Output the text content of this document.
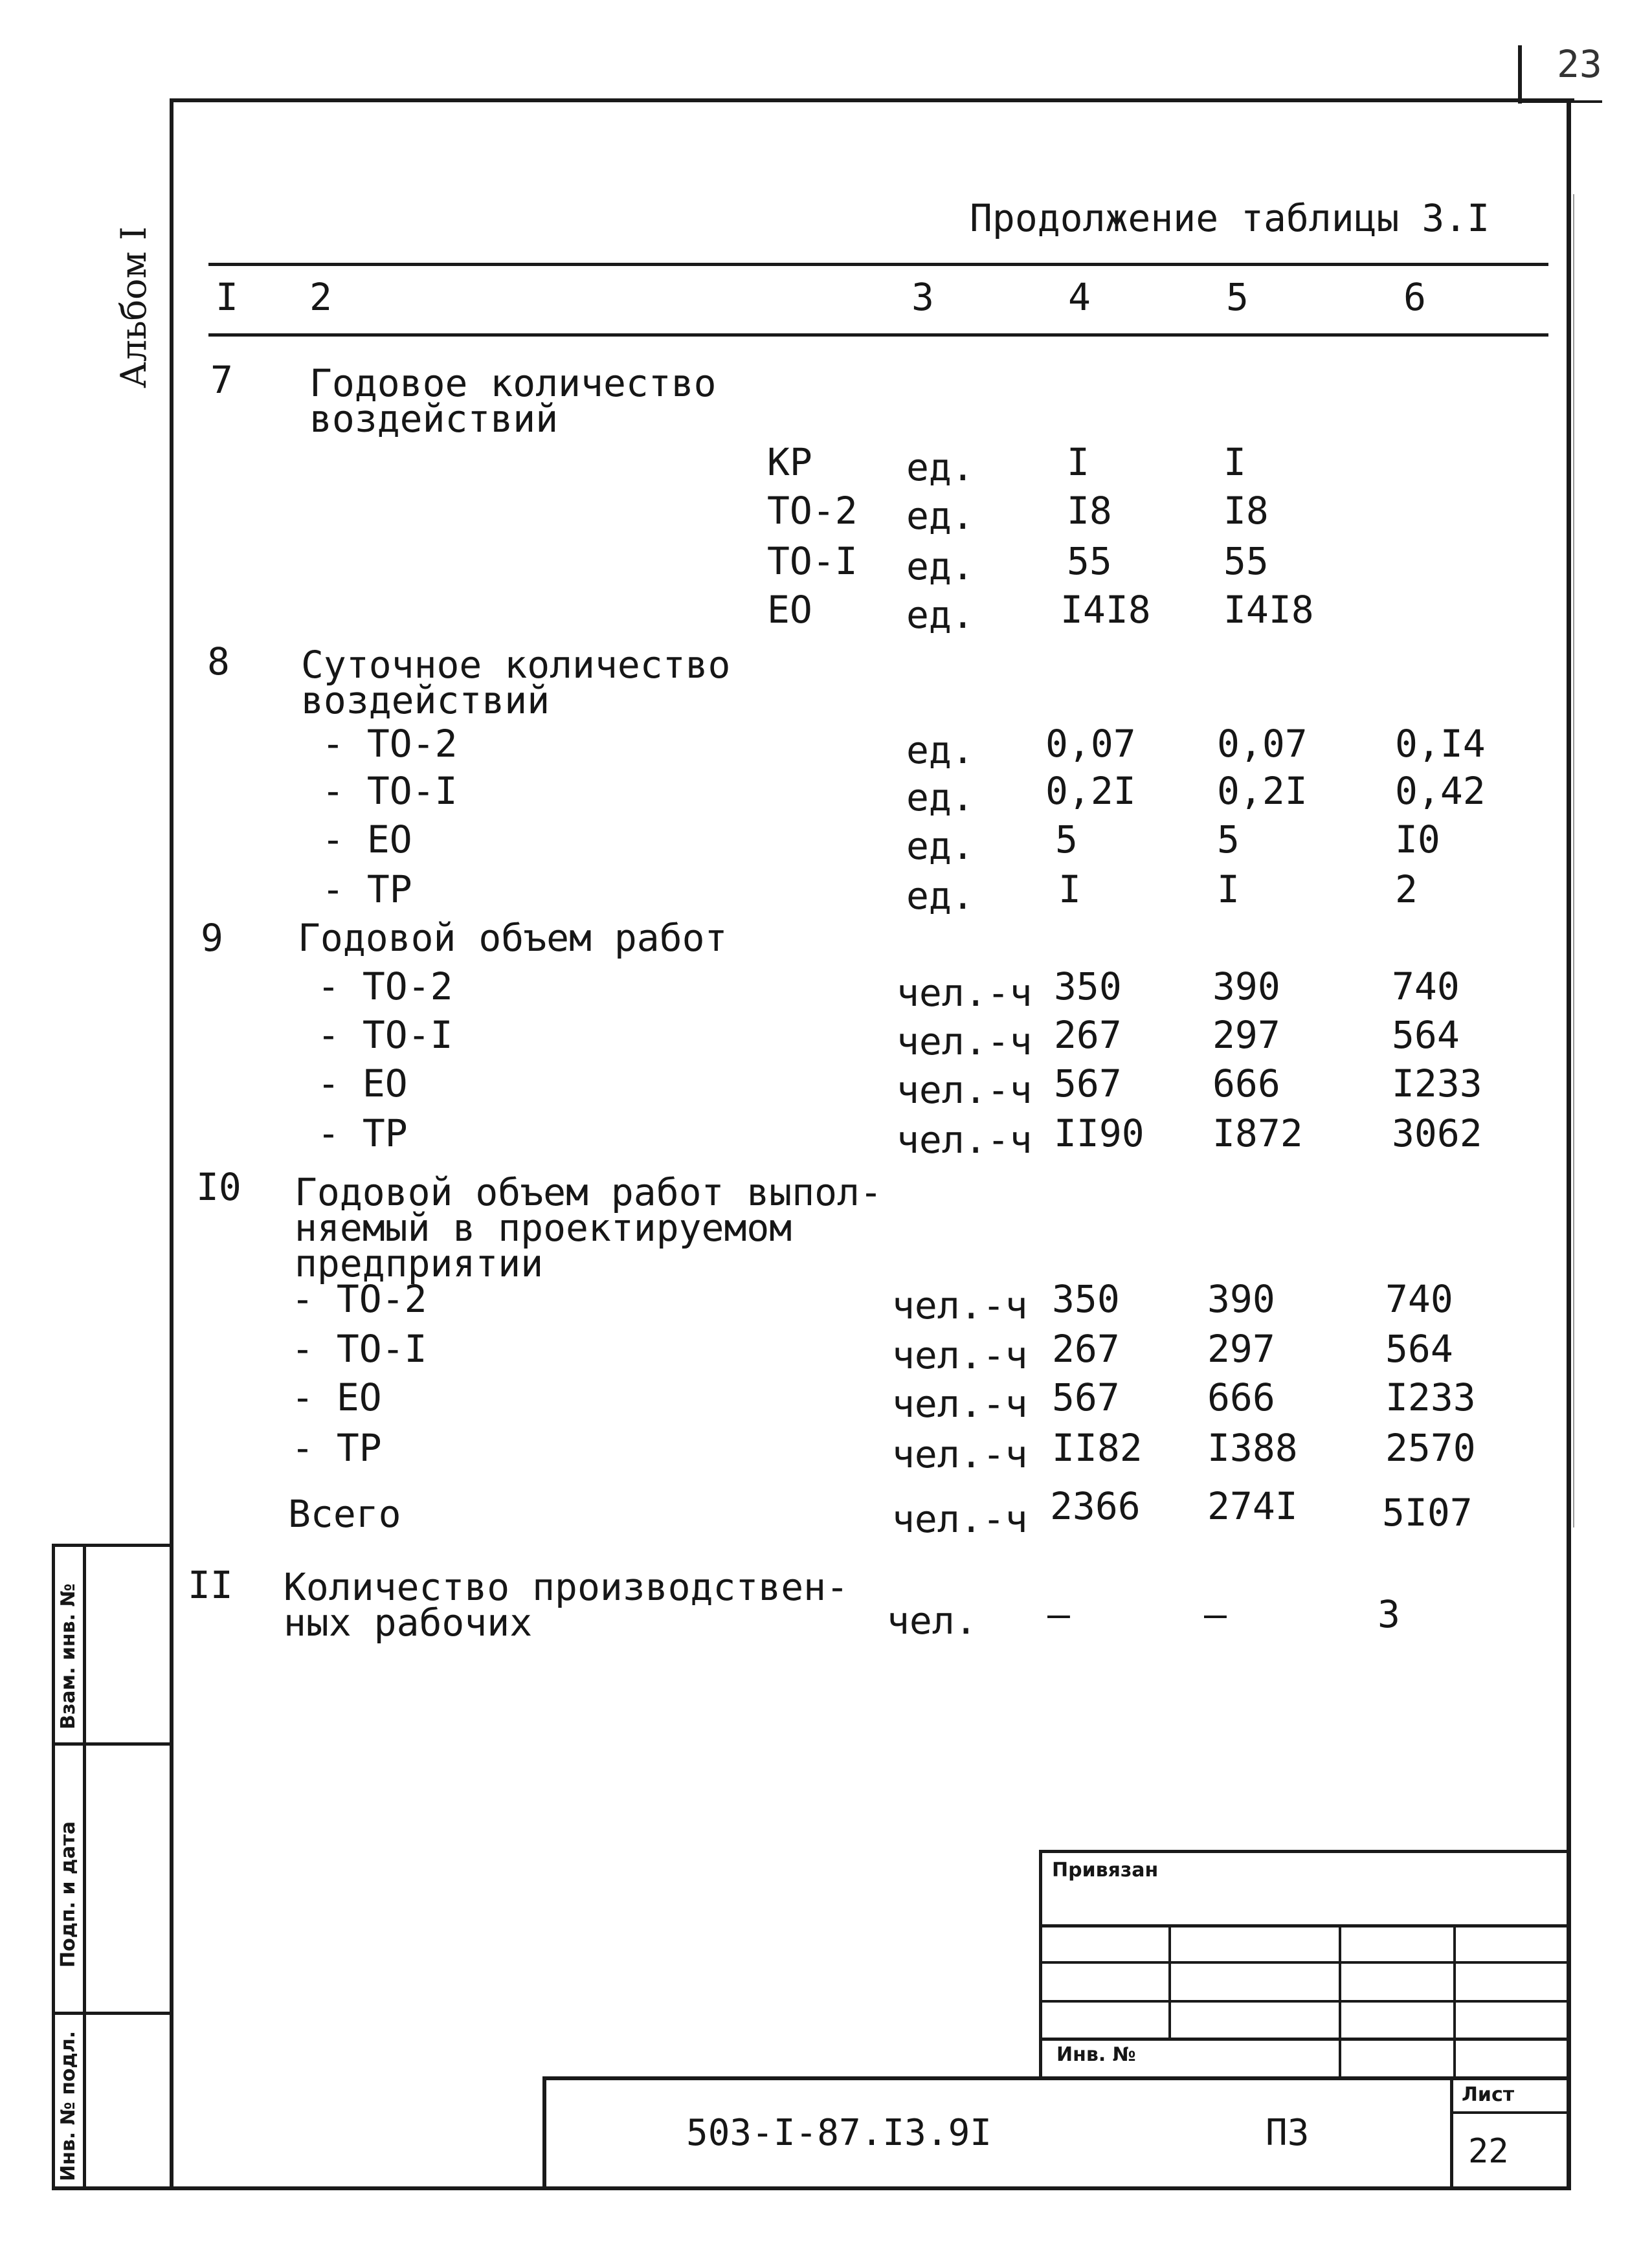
23
Альбом I
Продолжение таблицы 3.I
I 2	3	4	5	6
7 Годовое количество
воздействий
КР	ед. I	I
ТО-2 ед. I8	I8
ТО-I ед. 55	55
ЕО	ед. I4I8 I4I8
8 Суточное количество
воздействий
- ТО-2	ед. 0,07 0,07 0,I4
- ТО-I	ед. 0,2I 0,2I 0,42
- ЕО	ед. 5	5	I0
- ТР	ед. I	I	2
9 Годовой объем работ
- ТО-2	чел.-ч 350 390	740
- ТО-I	чел.-ч 267 297	564
- ЕО	чел.-ч 567 666	I233
- ТР	чел.-ч II90 I872 3062
I0 Годовой объем работ выпол-
няемый в проектируемом
предприятии
- ТО-2	чел.-ч 350 390	740
- ТО-I	чел.-ч 267 297	564
- ЕО	чел.-ч 567 666	I233
- ТР	чел.-ч II82 I388 2570
Всего	чел.-ч 2366 274I 5I07
II Количество производствен-
ных рабочих	чел. –	–	3
Взам. инв. №
Подп. и дата
Инв. № подл.
Привязан
Инв. №
503-I-87.I3.9I	ПЗ
Лист
22
